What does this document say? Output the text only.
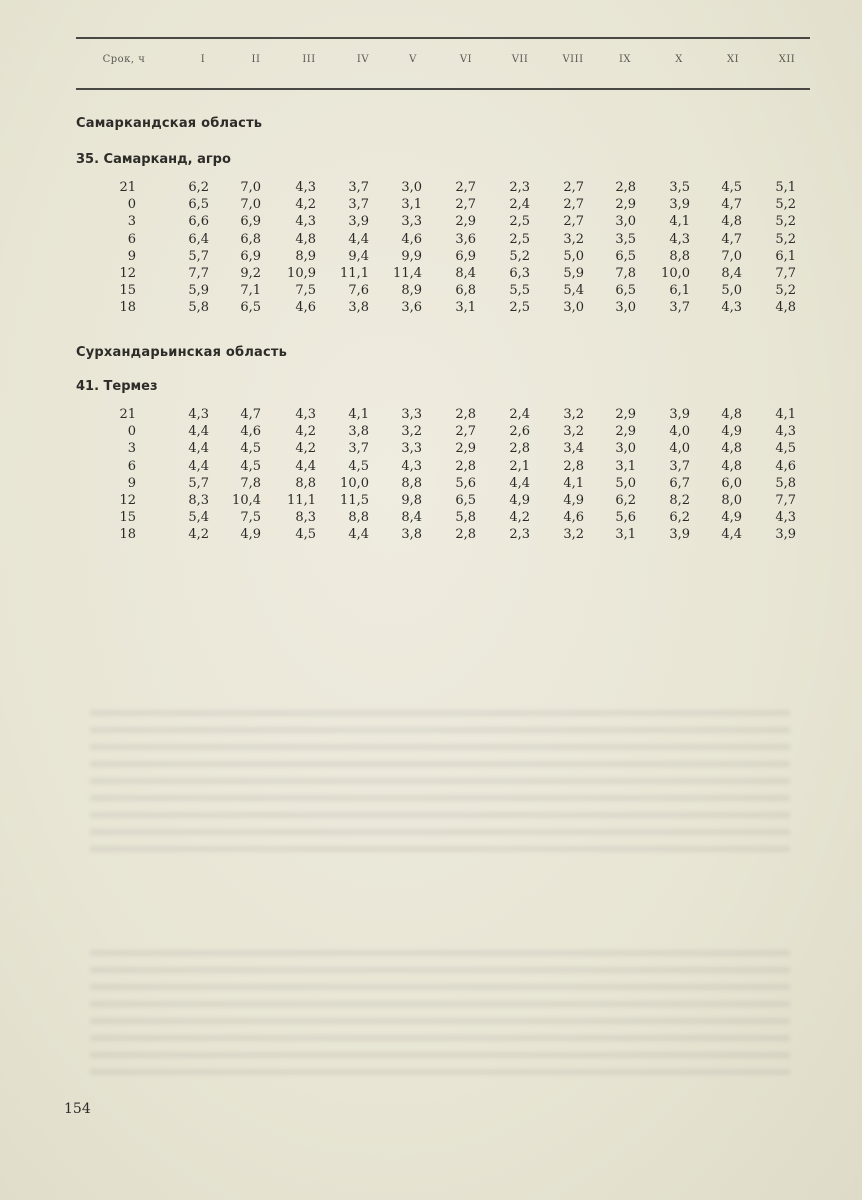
Срок, ч	I	II	III	IV	V	VI	VII	VIII	IX	X	XI	XII
Самаркандская область
35. Самарканд, агро
21	6,2	7,0	4,3	3,7	3,0	2,7	2,3	2,7	2,8	3,5	4,5	5,1
0	6,5	7,0	4,2	3,7	3,1	2,7	2,4	2,7	2,9	3,9	4,7	5,2
3	6,6	6,9	4,3	3,9	3,3	2,9	2,5	2,7	3,0	4,1	4,8	5,2
6	6,4	6,8	4,8	4,4	4,6	3,6	2,5	3,2	3,5	4,3	4,7	5,2
9	5,7	6,9	8,9	9,4	9,9	6,9	5,2	5,0	6,5	8,8	7,0	6,1
12	7,7	9,2	10,9	11,1	11,4	8,4	6,3	5,9	7,8	10,0	8,4	7,7
15	5,9	7,1	7,5	7,6	8,9	6,8	5,5	5,4	6,5	6,1	5,0	5,2
18	5,8	6,5	4,6	3,8	3,6	3,1	2,5	3,0	3,0	3,7	4,3	4,8
Сурхандарьинская область
41. Термез
21	4,3	4,7	4,3	4,1	3,3	2,8	2,4	3,2	2,9	3,9	4,8	4,1
0	4,4	4,6	4,2	3,8	3,2	2,7	2,6	3,2	2,9	4,0	4,9	4,3
3	4,4	4,5	4,2	3,7	3,3	2,9	2,8	3,4	3,0	4,0	4,8	4,5
6	4,4	4,5	4,4	4,5	4,3	2,8	2,1	2,8	3,1	3,7	4,8	4,6
9	5,7	7,8	8,8	10,0	8,8	5,6	4,4	4,1	5,0	6,7	6,0	5,8
12	8,3	10,4	11,1	11,5	9,8	6,5	4,9	4,9	6,2	8,2	8,0	7,7
15	5,4	7,5	8,3	8,8	8,4	5,8	4,2	4,6	5,6	6,2	4,9	4,3
18	4,2	4,9	4,5	4,4	3,8	2,8	2,3	3,2	3,1	3,9	4,4	3,9
154
